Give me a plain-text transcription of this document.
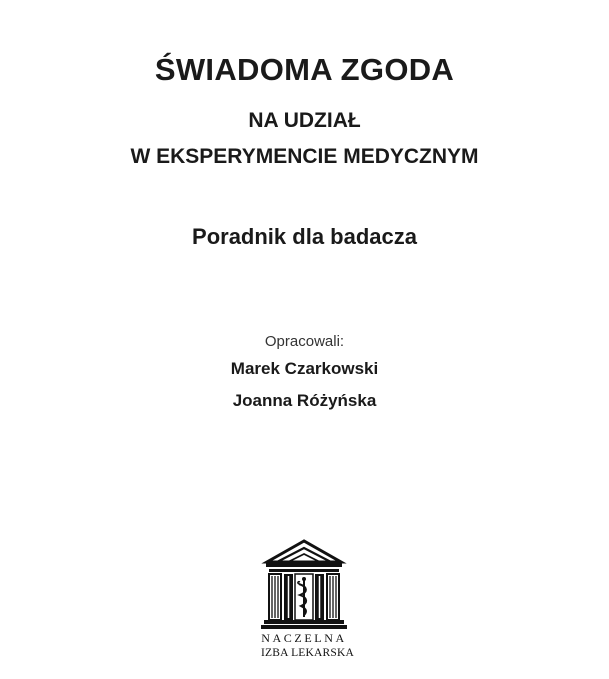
ŚWIADOMA ZGODA
NA UDZIAŁ
W EKSPERYMENCIE MEDYCZNYM
Poradnik dla badacza
Opracowali:
Marek Czarkowski
Joanna Różyńska
NACZELNA
IZBA LEKARSKA
